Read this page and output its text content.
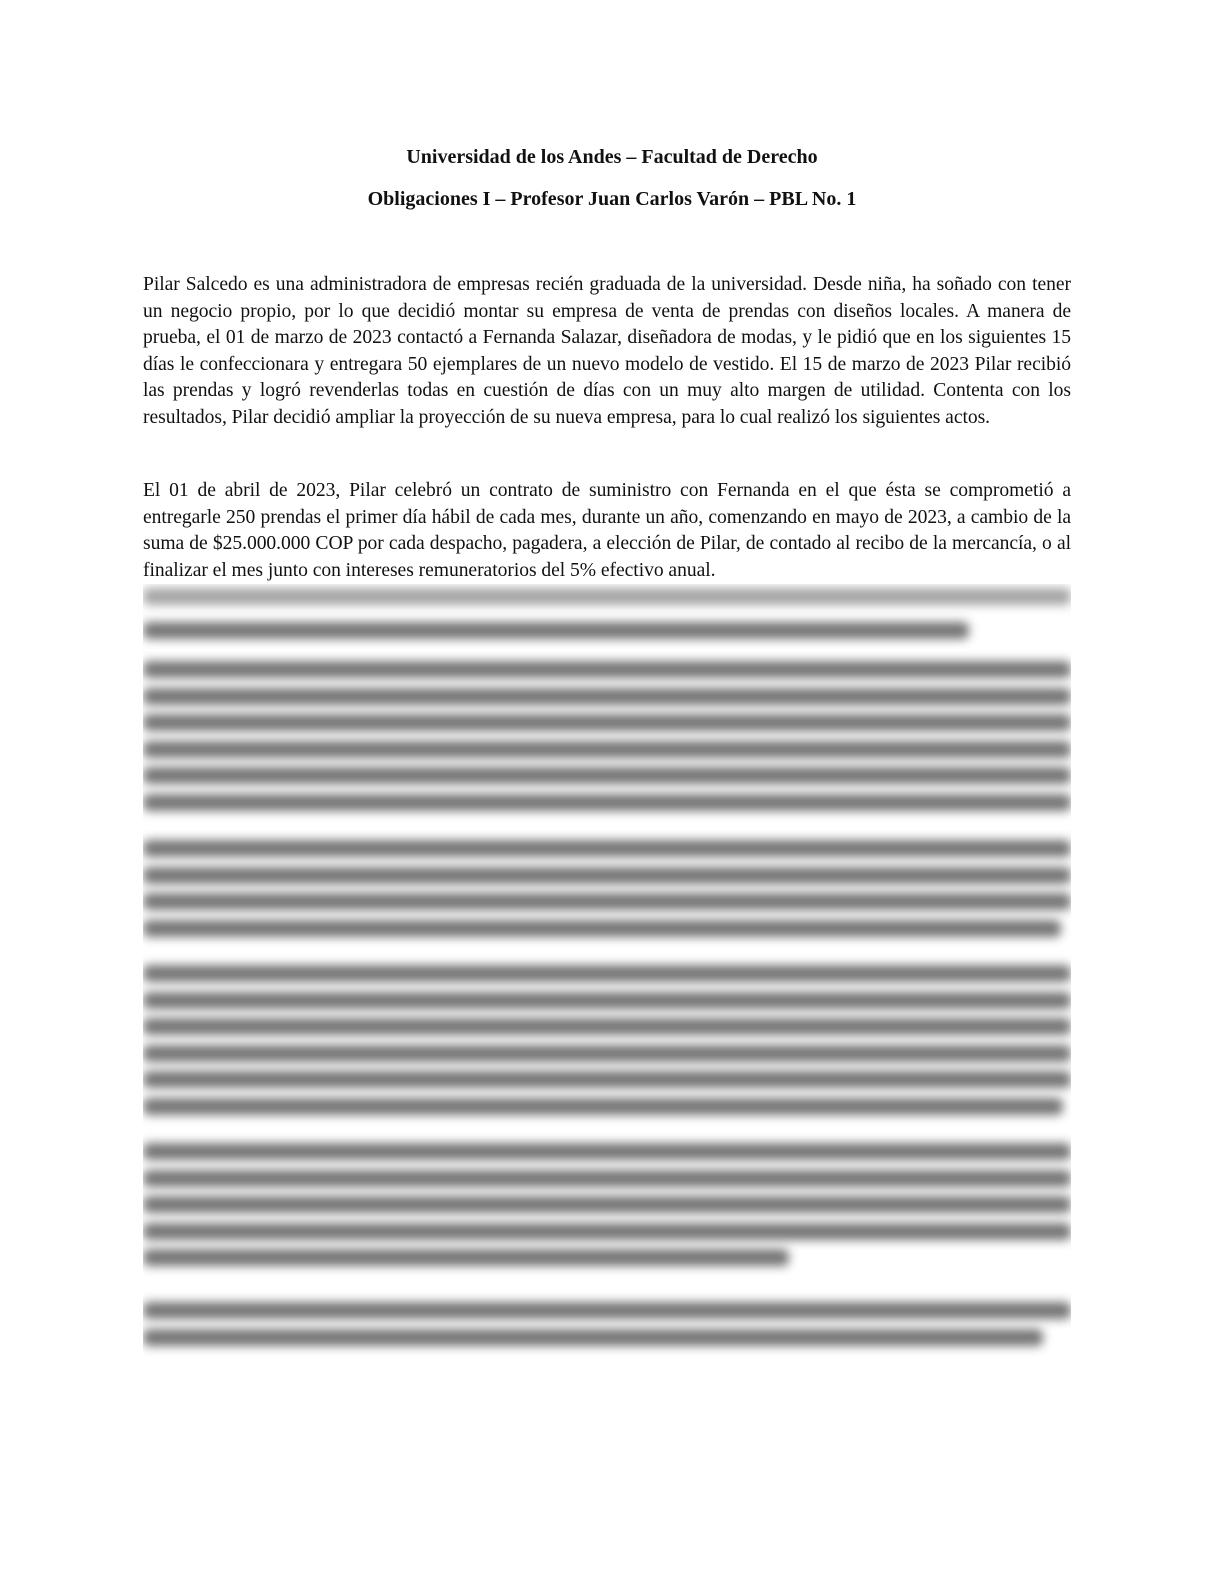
Universidad de los Andes – Facultad de Derecho
Obligaciones I – Profesor Juan Carlos Varón – PBL No. 1

Pilar Salcedo es una administradora de empresas recién graduada de la universidad. Desde niña, ha soñado con tener un negocio propio, por lo que decidió montar su empresa de venta de prendas con diseños locales. A manera de prueba, el 01 de marzo de 2023 contactó a Fernanda Salazar, diseñadora de modas, y le pidió que en los siguientes 15 días le confeccionara y entregara 50 ejemplares de un nuevo modelo de vestido. El 15 de marzo de 2023 Pilar recibió las prendas y logró revenderlas todas en cuestión de días con un muy alto margen de utilidad. Contenta con los resultados, Pilar decidió ampliar la proyección de su nueva empresa, para lo cual realizó los siguientes actos.

El 01 de abril de 2023, Pilar celebró un contrato de suministro con Fernanda en el que ésta se comprometió a entregarle 250 prendas el primer día hábil de cada mes, durante un año, comenzando en mayo de 2023, a cambio de la suma de $25.000.000 COP por cada despacho, pagadera, a elección de Pilar, de contado al recibo de la mercancía, o al finalizar el mes junto con intereses remuneratorios del 5% efectivo anual.
